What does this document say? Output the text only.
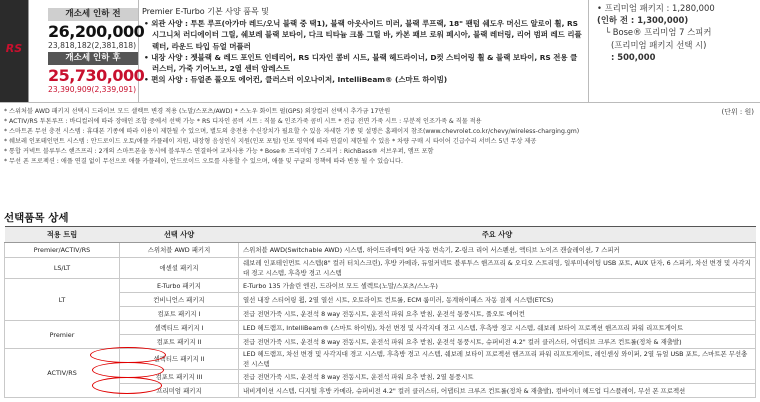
RS
개소세 인하 전
26,200,000
23,818,182(2,381,818)
개소세 인하 후
25,730,000
23,390,909(2,339,091)
Premier E-Turbo 기본 사양 품목 및
• 외관 사양 : 투톤 루프(아가마 레드/오닉 블랙 중 택1), 블랙 아웃사이드 미러, 블랙 루프랙, 18" 팬텀 쉐도우 머신드 알로이 휠, RS 시그니처 러디에이터 그릴, 쉐보레 블랙 보타이, 다크 티타늄 크롬 그릴 바, 카본 패브 로워 페시아, 블랙 레터링, 리어 범퍼 레드 리플렉터, 라운드 타입 듀얼 머플러
• 내장 사양 : 젯블랙 & 레드 포인트 인테리어, RS 디자인 콤비 시트, 블랙 헤드라이너, D컷 스티어링 휠 & 블랙 보타이, RS 전용 클러스터, 가죽 기어노브, 2열 센터 암레스트
• 편의 사양 : 듀얼존 풀오토 에어컨, 클러스터 이오나이저, IntelliBeam® (스마트 하이빔)
• 프리미엄 패키지 : 1,280,000
(인하 전 : 1,300,000)
└ Bose® 프리미엄 7 스피커
(프리미엄 패키지 선택 시)
: 500,000
* 스위처블 AWD 패키지 선택시 드라이브 모드 셀렉트 변경 적용 (노말/스포츠/AWD) * 스노우 화이트 펄(GPS) 외장컬러 선택시 추가금 17만원
* ACTIV/RS 투톤루프 : 바디컬러에 따라 장애인 조합 중에서 선택 가능 * RS 디자인 콤비 시트 : 직물 & 인조가죽 콤비 시트 * 전급 전면 가죽 시트 : 부분적 인조가죽 & 직물 적용
* 스마트폰 무선 충전 시스템 : 휴대폰 기종에 따라 이용이 제한될 수 있으며, 별도의 충전용 수신장치가 필요할 수 있음 자세한 기종 및 설명은 홈페이지 참조(www.chevrolet.co.kr/chevy/wireless-charging.gm)
* 쉐보레 인포테인먼트 시스템 : 안드로이드 오토/애플 카플레이 지원, 내장형 음성인식 지원(인포 포털) 인포 영역에 따라 연결이 제한될 수 있음 * 차량 구매 시 타이어 긴급수리 서비스 5년 무상 제공
* 통합 커넥트 블루투스 핸즈프리 : 2개의 스마트폰을 동시에 블루투스 연결하여 교차사용 가능 * Bose® 프리미엄 7 스피커 : RichBass® 서브우퍼, 앰프 포함
* 무선 폰 프로젝션 : 애플 연결 없이 무선으로 애플 카플레이, 안드로이드 오토를 사용할 수 있으며, 애플 및 구글의 정책에 따라 변동 될 수 있습니다.
(단위 : 원)
선택품목 상세
적용 트림	선택 사양	주요 사양
Premier/ACTIV/RS	스위처블 AWD 패키지	스위처블 AWD(Switchable AWD) 시스템, 하이드라매틱 9단 자동 변속기, Z-링크 리어 서스펜션, 액티브 노이즈 캔슬레이션, 7 스피커
LS/LT	애센셜 패키지	쉐보레 인포테인먼트 시스템(8" 컬러 터치스크린), 후방 카메라, 듀얼커넥트 블루투스 핸즈프리 & 오디오 스트리밍, 일루미네이팅 USB 포트, AUX 단자, 6 스피커, 차선 변경 및 사각지대 경고 시스템, 후측방 경고 시스템
LT	E-Turbo 패키지	E-Turbo 135 가솔린 엔진, 드라이브 모드 셀렉트(노말/스포츠/스노우)
	컨비니언스 패키지	열선 내장 스티어링 휠, 2열 열선 시트, 오토라이트 컨트롤, ECM 룸미러, 동계하이패스 자동 결제 시스템(ETCS)
	컴포트 패키지 I	전급 전면가죽 시트, 운전석 8 way 전동시트, 운전석 파워 요추 받침, 운전석 통풍시트, 풀오토 에어컨
Premier	셀렉티드 패키지 I	LED 헤드램프, IntelliBeam® (스마트 하이빔), 차선 변경 및 사각지대 경고 시스템, 후측방 경고 시스템, 쉐보레 보타이 프로젝션 핸즈프리 파워 리프트게이트
	컴포트 패키지 II	전급 전면가죽 시트, 운전석 8 way 전동시트, 운전석 파워 요추 받침, 운전석 통풍시트, 슈퍼비전 4.2" 컬러 클러스터, 어댑티브 크루즈 컨트롤(정차 & 재출발)
ACTIV/RS	셀렉티드 패키지 II	LED 헤드램프, 차선 변경 및 사각지대 경고 시스템, 후측방 경고 시스템, 쉐보레 보타이 프로젝션 핸즈프리 파워 리프트게이트, 레인센싱 와이퍼, 2열 듀얼 USB 포트, 스마트폰 무선충전 시스템
	컴포트 패키지 III	전급 전면가죽 시트, 운전석 8 way 전동시트, 운전석 파워 요추 받침, 2열 통풍시트
	프리미엄 패키지	내비게이션 시스템, 디지털 후방 카메라, 슈퍼비전 4.2" 컬러 클러스터, 어댑티브 크루즈 컨트롤(정차 & 재출발), 컴바이너 헤드업 디스플레이, 무선 폰 프로젝션
